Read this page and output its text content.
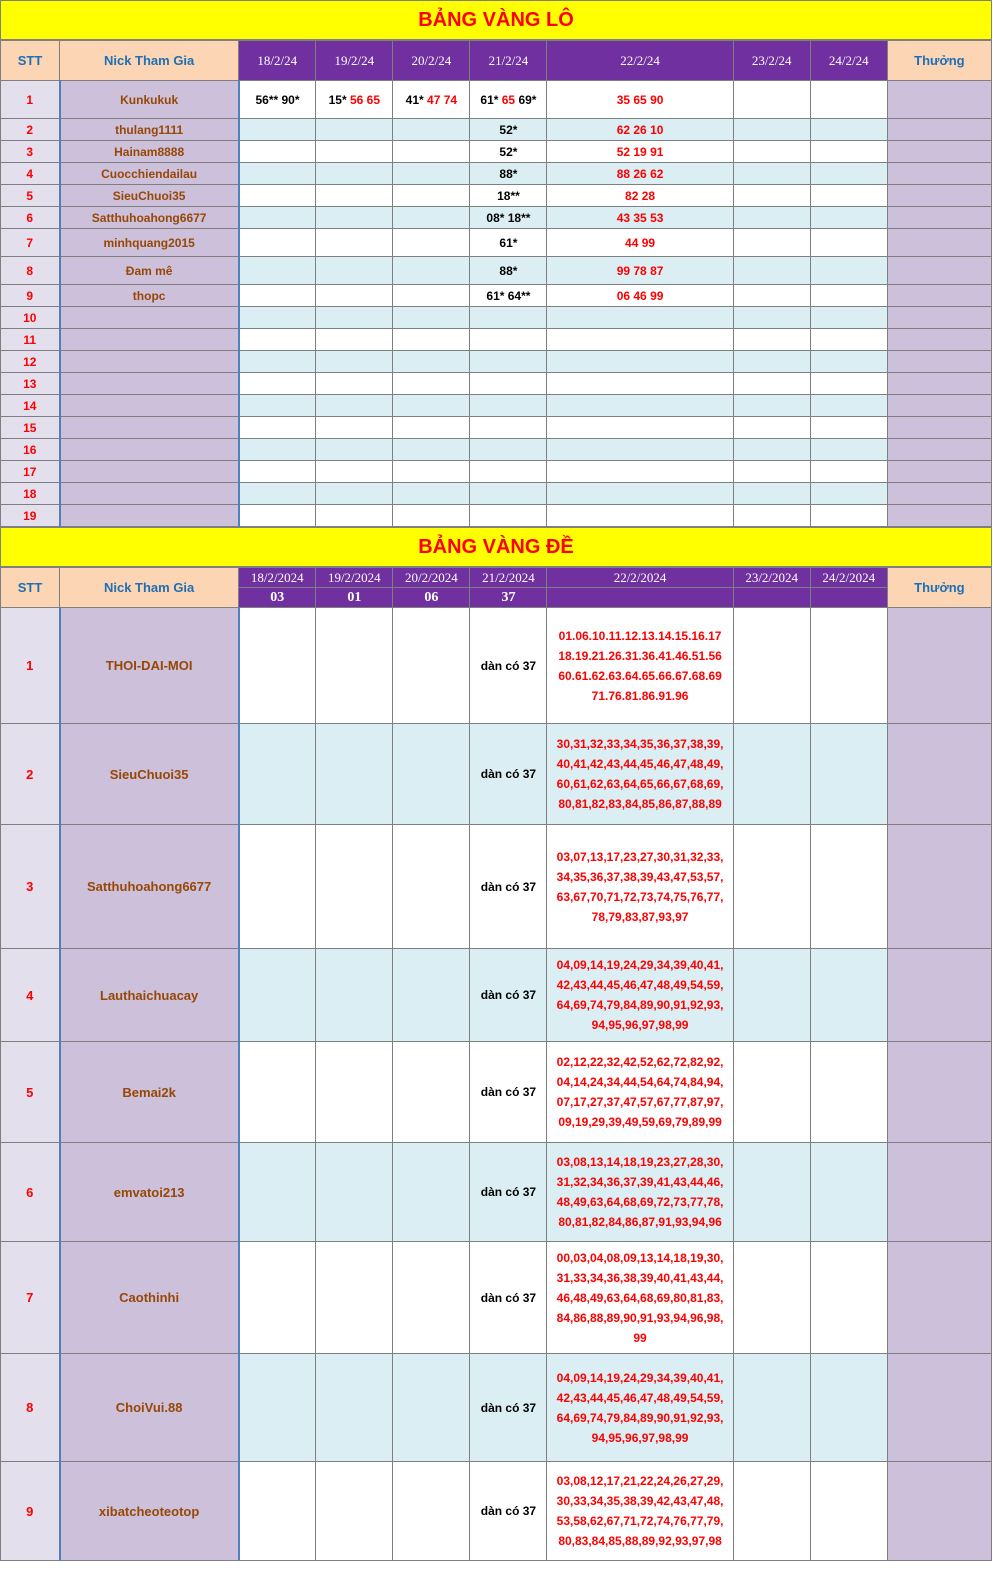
BẢNG VÀNG LÔ
STT	Nick Tham Gia	18/2/24	19/2/24	20/2/24	21/2/24	22/2/24	23/2/24	24/2/24	Thưởng
1	Kunkukuk	56** 90*	15* 56 65	41* 47 74	61* 65 69*	35 65 90			
2	thulang1111				52*	62 26 10			
3	Hainam8888				52*	52 19 91			
4	Cuocchiendailau				88*	88 26 62			
5	SieuChuoi35				18**	82 28			
6	Satthuhoahong6677				08* 18**	43 35 53			
7	minhquang2015				61*	44 99			
8	Đam mê				88*	99 78 87			
9	thopc				61* 64**	06 46 99			
10									
11									
12									
13									
14									
15									
16									
17									
18									
19									
BẢNG VÀNG ĐỀ
STT	Nick Tham Gia	18/2/2024	19/2/2024	20/2/2024	21/2/2024	22/2/2024	23/2/2024	24/2/2024	Thưởng
		03	01	06	37				
1	THOI-DAI-MOI				dàn có 37	01.06.10.11.12.13.14.15.16.17 18.19.21.26.31.36.41.46.51.56 60.61.62.63.64.65.66.67.68.69 71.76.81.86.91.96			
2	SieuChuoi35				dàn có 37	30,31,32,33,34,35,36,37,38,39, 40,41,42,43,44,45,46,47,48,49, 60,61,62,63,64,65,66,67,68,69, 80,81,82,83,84,85,86,87,88,89			
3	Satthuhoahong6677				dàn có 37	03,07,13,17,23,27,30,31,32,33, 34,35,36,37,38,39,43,47,53,57, 63,67,70,71,72,73,74,75,76,77, 78,79,83,87,93,97			
4	Lauthaichuacay				dàn có 37	04,09,14,19,24,29,34,39,40,41, 42,43,44,45,46,47,48,49,54,59, 64,69,74,79,84,89,90,91,92,93, 94,95,96,97,98,99			
5	Bemai2k				dàn có 37	02,12,22,32,42,52,62,72,82,92, 04,14,24,34,44,54,64,74,84,94, 07,17,27,37,47,57,67,77,87,97, 09,19,29,39,49,59,69,79,89,99			
6	emvatoi213				dàn có 37	03,08,13,14,18,19,23,27,28,30, 31,32,34,36,37,39,41,43,44,46, 48,49,63,64,68,69,72,73,77,78, 80,81,82,84,86,87,91,93,94,96			
7	Caothinhi				dàn có 37	00,03,04,08,09,13,14,18,19,30, 31,33,34,36,38,39,40,41,43,44, 46,48,49,63,64,68,69,80,81,83, 84,86,88,89,90,91,93,94,96,98, 99			
8	ChoiVui.88				dàn có 37	04,09,14,19,24,29,34,39,40,41, 42,43,44,45,46,47,48,49,54,59, 64,69,74,79,84,89,90,91,92,93, 94,95,96,97,98,99			
9	xibatcheoteotop				dàn có 37	03,08,12,17,21,22,24,26,27,29, 30,33,34,35,38,39,42,43,47,48, 53,58,62,67,71,72,74,76,77,79, 80,83,84,85,88,89,92,93,97,98			
